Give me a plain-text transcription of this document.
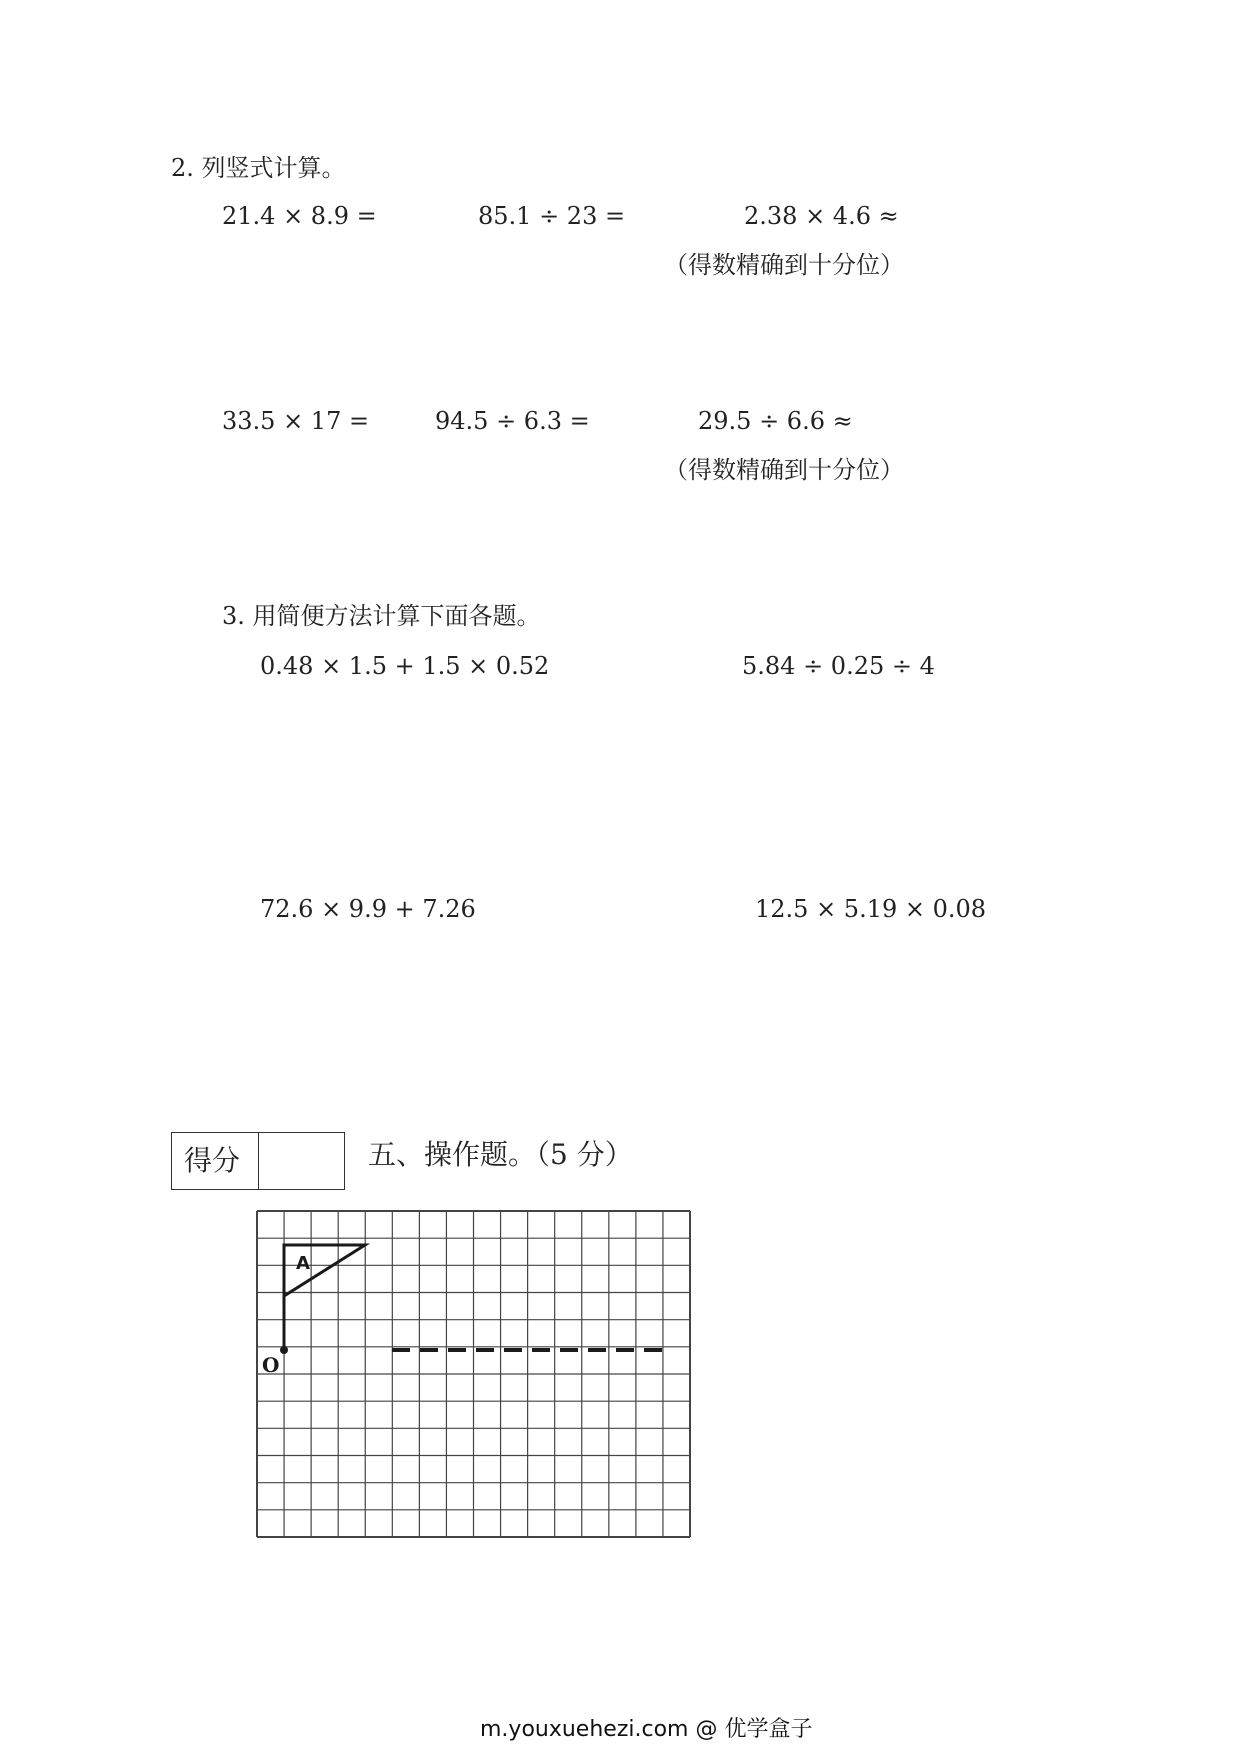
2. 列竖式计算。
21.4 × 8.9 =	85.1 ÷ 23 =	2.38 × 4.6 ≈
（得数精确到十分位）
33.5 × 17 =	94.5 ÷ 6.3 =	29.5 ÷ 6.6 ≈
（得数精确到十分位）
3. 用简便方法计算下面各题。
0.48 × 1.5 + 1.5 × 0.52	5.84 ÷ 0.25 ÷ 4
72.6 × 9.9 + 7.26	12.5 × 5.19 × 0.08
得分	五、操作题。（5 分）
A
O
m.youxuehezi.com @ 优学盒子
